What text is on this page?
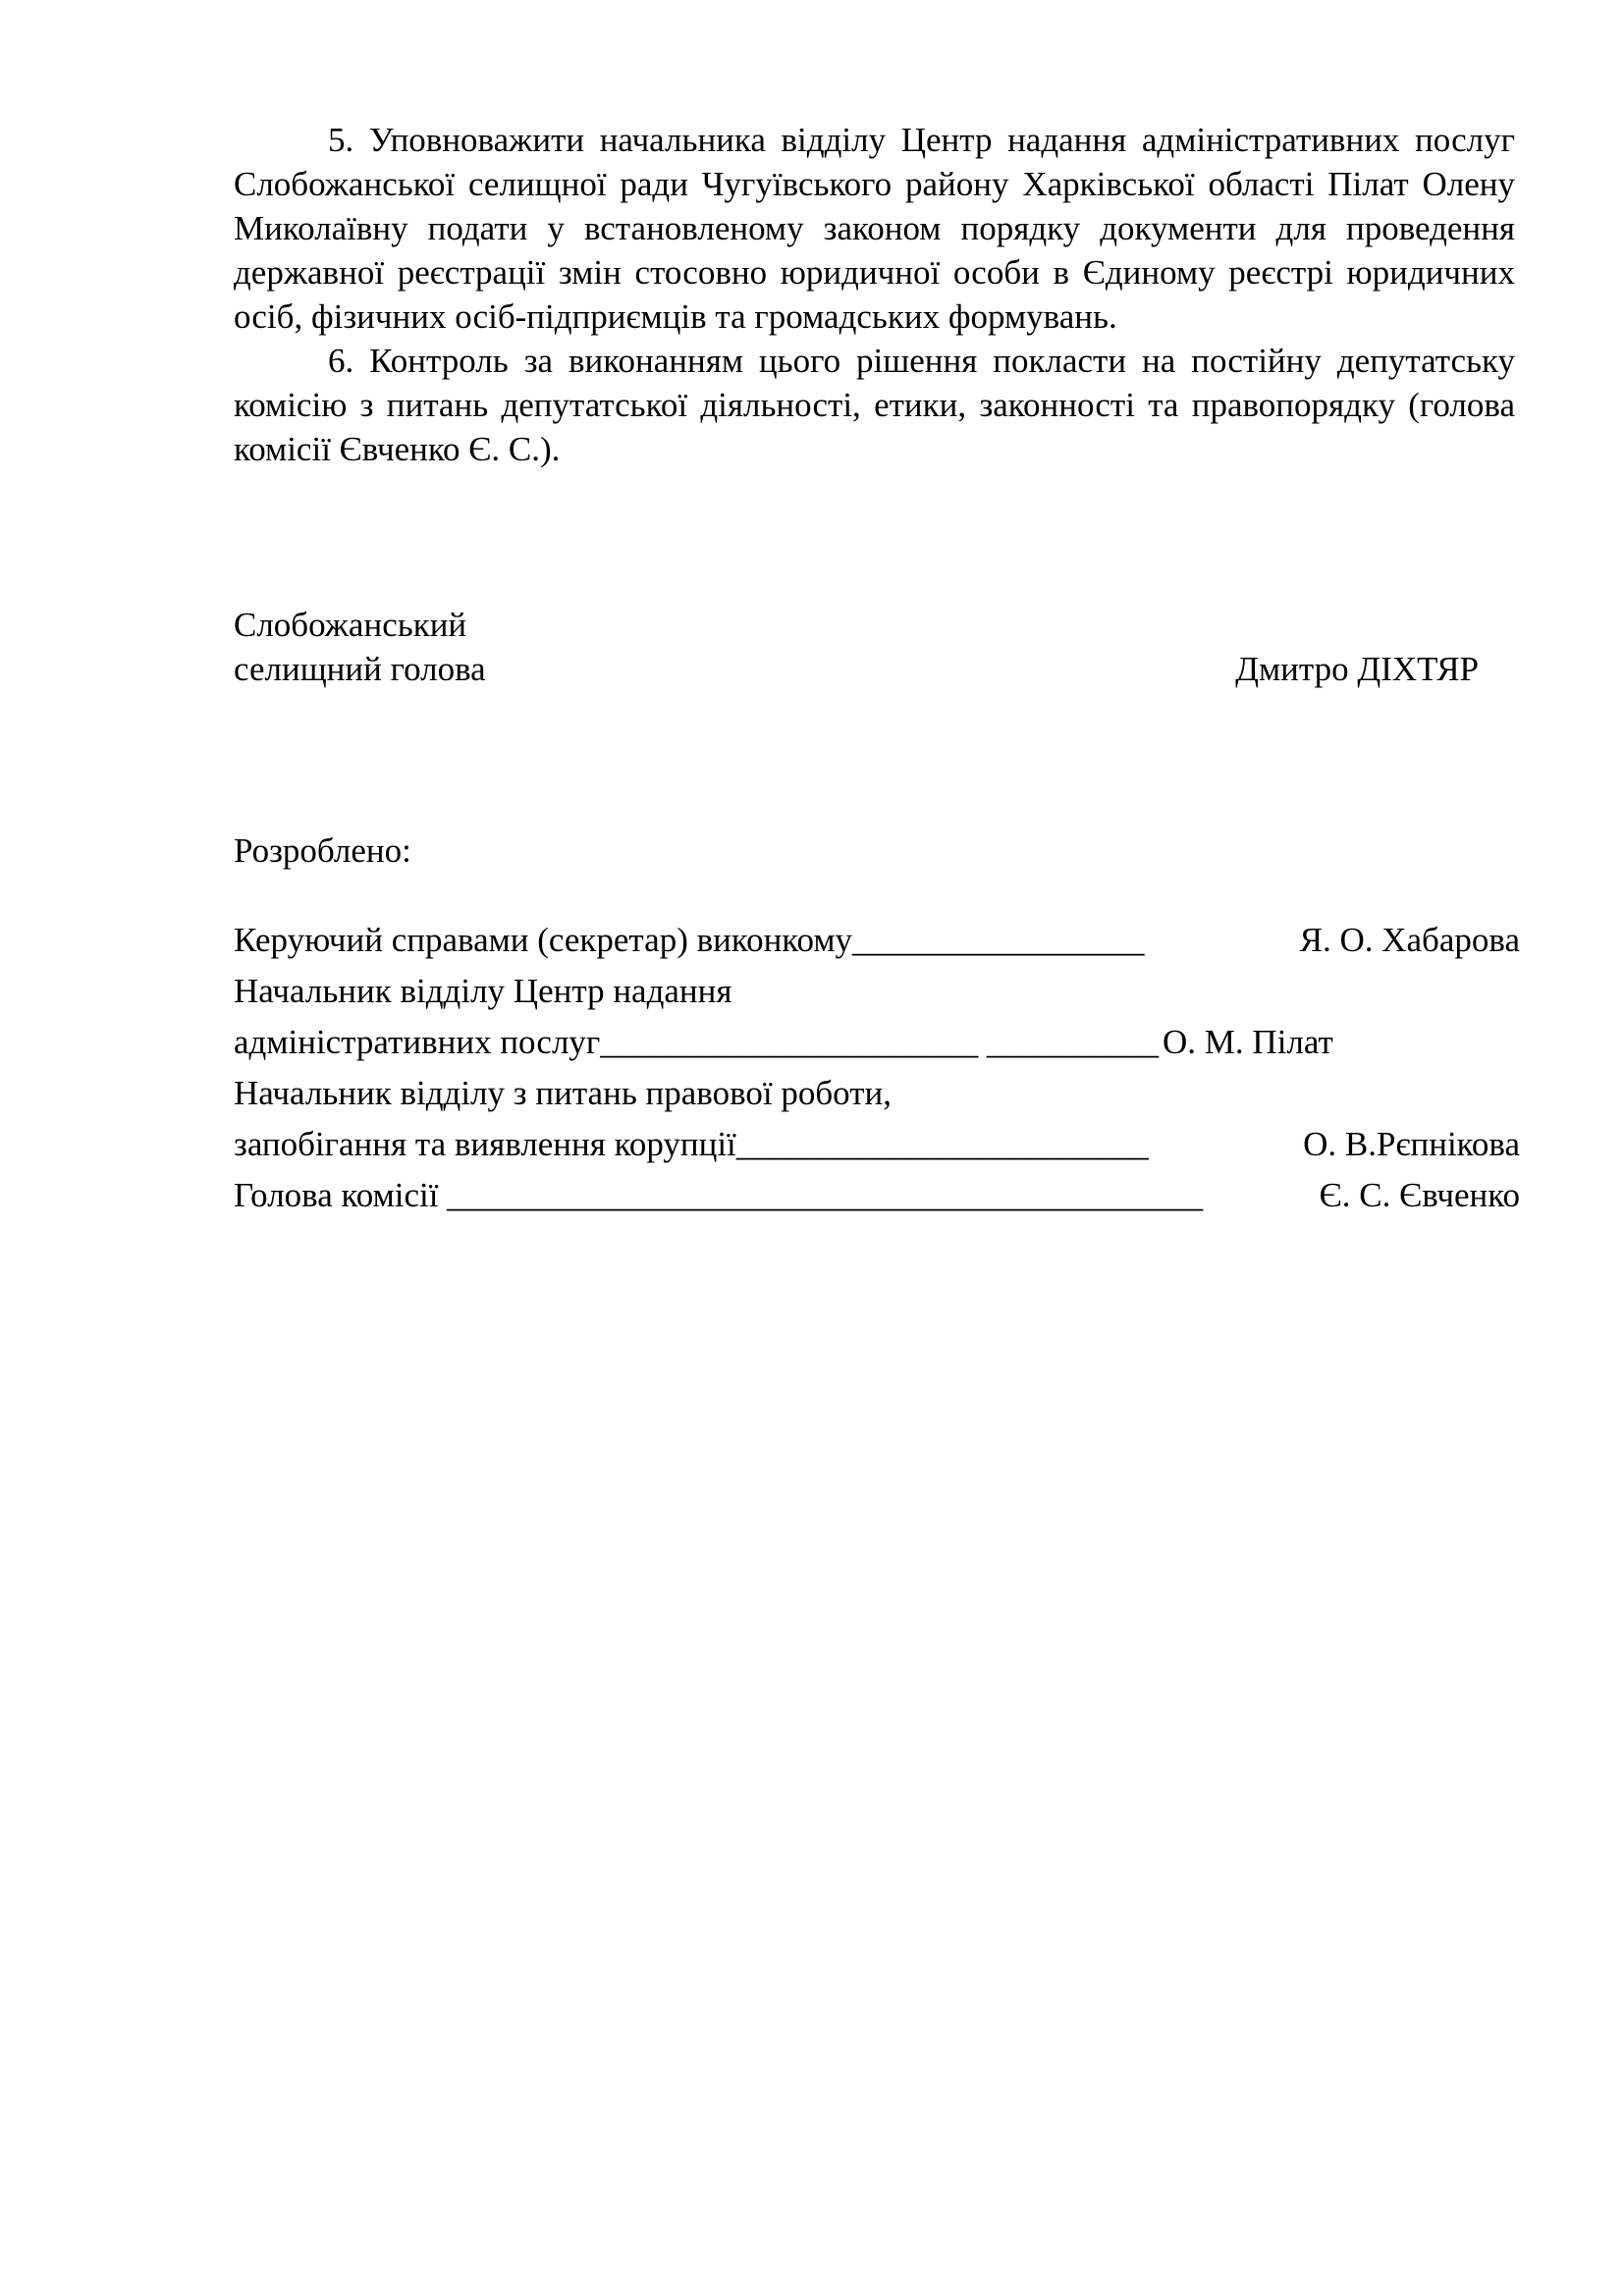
5. Уповноважити начальника відділу Центр надання адміністративних послуг Слобожанської селищної ради Чугуївського району Харківської області Пілат Олену Миколаївну подати у встановленому законом порядку документи для проведення державної реєстрації змін стосовно юридичної особи в Єдиному реєстрі юридичних осіб, фізичних осіб-підприємців та громадських формувань.

6. Контроль за виконанням цього рішення покласти на постійну депутатську комісію з питань депутатської діяльності, етики, законності та правопорядку (голова комісії Євченко Є. С.).

Слобожанський
селищний голова	Дмитро ДІХТЯР
Розроблено:
Керуючий справами (секретар) виконкому_________________	Я. О. Хабарова
Начальник відділу Центр надання
адміністративних послуг______________________ __________ О. М. Пілат
Начальник відділу з питань правової роботи,
запобігання та виявлення корупції________________________	О. В.Рєпнікова
Голова комісії ____________________________________________	Є. С. Євченко
